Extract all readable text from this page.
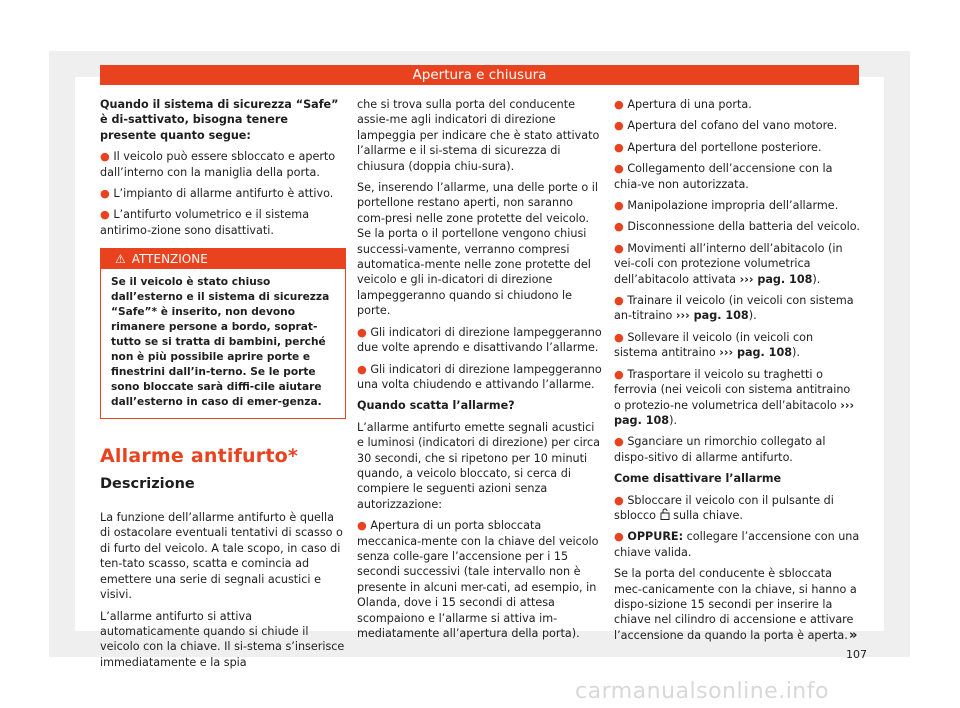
Apertura e chiusura

Quando il sistema di sicurezza “Safe” è di-sattivato, bisogna tenere presente quanto segue:

● Il veicolo può essere sbloccato e aperto dall’interno con la maniglia della porta.

● L’impianto di allarme antifurto è attivo.

● L’antifurto volumetrico e il sistema antirimo-zione sono disattivati.

⚠ ATTENZIONE
Se il veicolo è stato chiuso dall’esterno e il sistema di sicurezza “Safe”* è inserito, non devono rimanere persone a bordo, soprat-tutto se si tratta di bambini, perché non è più possibile aprire porte e finestrini dall’in-terno. Se le porte sono bloccate sarà diffi-cile aiutare dall’esterno in caso di emer-genza.
Allarme antifurto*
Descrizione

La funzione dell’allarme antifurto è quella di ostacolare eventuali tentativi di scasso o di furto del veicolo. A tale scopo, in caso di ten-tato scasso, scatta e comincia ad emettere una serie di segnali acustici e visivi.

L’allarme antifurto si attiva automaticamente quando si chiude il veicolo con la chiave. Il si-stema s’inserisce immediatamente e la spia

che si trova sulla porta del conducente assie-me agli indicatori di direzione lampeggia per indicare che è stato attivato l’allarme e il si-stema di sicurezza di chiusura (doppia chiu-sura).

Se, inserendo l’allarme, una delle porte o il portellone restano aperti, non saranno com-presi nelle zone protette del veicolo. Se la porta o il portellone vengono chiusi successi-vamente, verranno compresi automatica-mente nelle zone protette del veicolo e gli in-dicatori di direzione lampeggeranno quando si chiudono le porte.

● Gli indicatori di direzione lampeggeranno due volte aprendo e disattivando l’allarme.

● Gli indicatori di direzione lampeggeranno una volta chiudendo e attivando l’allarme.

Quando scatta l’allarme?

L’allarme antifurto emette segnali acustici e luminosi (indicatori di direzione) per circa 30 secondi, che si ripetono per 10 minuti quando, a veicolo bloccato, si cerca di compiere le seguenti azioni senza autorizzazione:

● Apertura di un porta sbloccata meccanica-mente con la chiave del veicolo senza colle-gare l’accensione per i 15 secondi successivi (tale intervallo non è presente in alcuni mer-cati, ad esempio, in Olanda, dove i 15 secondi di attesa scompaiono e l’allarme si attiva im-mediatamente all’apertura della porta).

● Apertura di una porta.

● Apertura del cofano del vano motore.

● Apertura del portellone posteriore.

● Collegamento dell’accensione con la chia-ve non autorizzata.

● Manipolazione impropria dell’allarme.

● Disconnessione della batteria del veicolo.

● Movimenti all’interno dell’abitacolo (in vei-coli con protezione volumetrica dell’abitacolo attivata ››› pag. 108).

● Trainare il veicolo (in veicoli con sistema an-titraino ››› pag. 108).

● Sollevare il veicolo (in veicoli con sistema antitraino ››› pag. 108).

● Trasportare il veicolo su traghetti o ferrovia (nei veicoli con sistema antitraino o protezio-ne volumetrica dell’abitacolo ››› pag. 108).

● Sganciare un rimorchio collegato al dispo-sitivo di allarme antifurto.

Come disattivare l’allarme

● Sbloccare il veicolo con il pulsante di sblocco  sulla chiave.

● OPPURE: collegare l’accensione con una chiave valida.

Se la porta del conducente è sbloccata mec-canicamente con la chiave, si hanno a dispo-sizione 15 secondi per inserire la chiave nel cilindro di accensione e attivare l’accensione da quando la porta è aperta. »
107
carmanualsonline.info
